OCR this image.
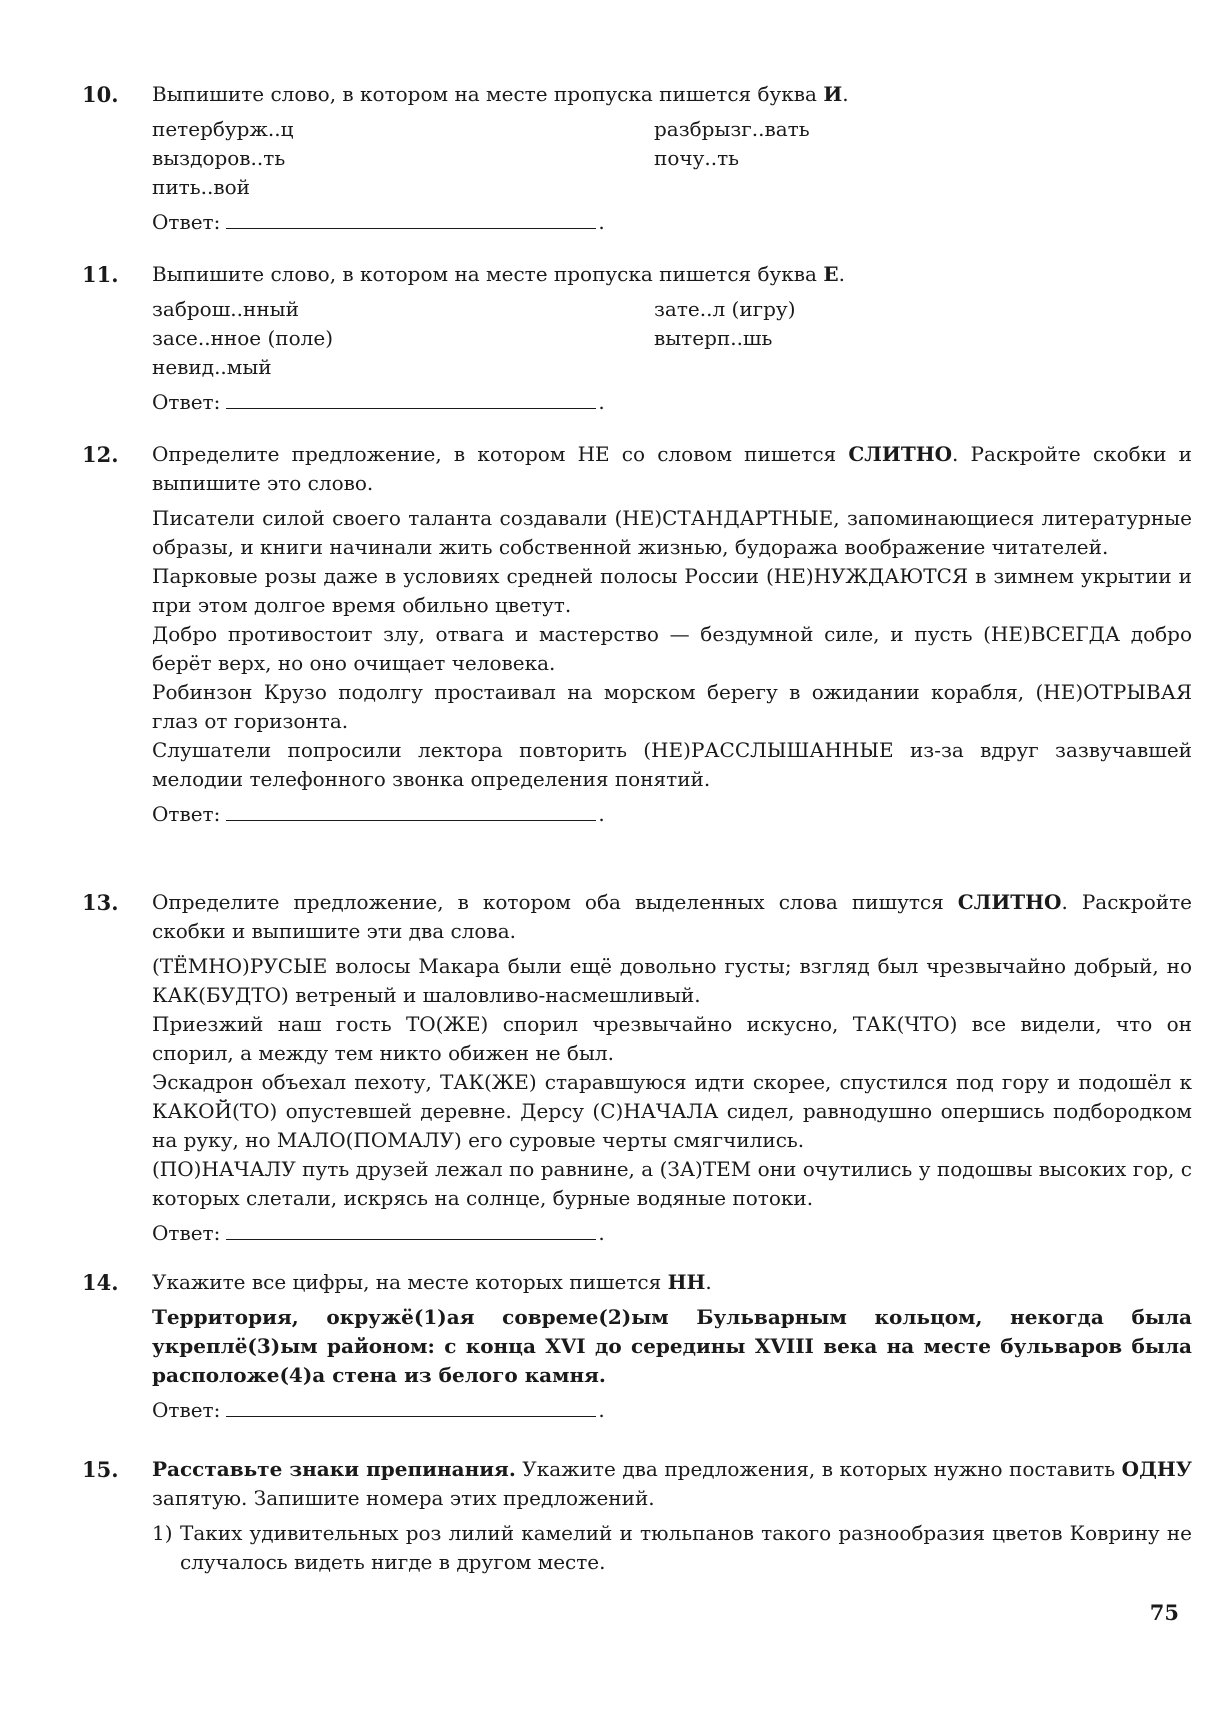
10. Выпишите слово, в котором на месте пропуска пишется буква И.

петербурж..ц	разбрызг..вать
выздоров..ть	почу..ть
пить..вой
Ответ:	.
11. Выпишите слово, в котором на месте пропуска пишется буква Е.

заброш..нный	зате..л (игру)
засе..нное (поле)	вытерп..шь
невид..мый
Ответ:	.
12. Определите предложение, в котором НЕ со словом пишется СЛИТНО. Раскройте скобки и выпишите это слово.

Писатели силой своего таланта создавали (НЕ)СТАНДАРТНЫЕ, запоминающиеся литературные образы, и книги начинали жить собственной жизнью, будоража воображение читателей.

Парковые розы даже в условиях средней полосы России (НЕ)НУЖДАЮТСЯ в зимнем укрытии и при этом долгое время обильно цветут.

Добро противостоит злу, отвага и мастерство — бездумной силе, и пусть (НЕ)ВСЕГДА добро берёт верх, но оно очищает человека.

Робинзон Крузо подолгу простаивал на морском берегу в ожидании корабля, (НЕ)ОТРЫВАЯ глаз от горизонта.

Слушатели попросили лектора повторить (НЕ)РАССЛЫШАННЫЕ из-за вдруг зазвучавшей мелодии телефонного звонка определения понятий.

Ответ:	.
13. Определите предложение, в котором оба выделенных слова пишутся СЛИТНО. Раскройте скобки и выпишите эти два слова.

(ТЁМНО)РУСЫЕ волосы Макара были ещё довольно густы; взгляд был чрезвычайно добрый, но КАК(БУДТО) ветреный и шаловливо-насмешливый.

Приезжий наш гость ТО(ЖЕ) спорил чрезвычайно искусно, ТАК(ЧТО) все видели, что он спорил, а между тем никто обижен не был.

Эскадрон объехал пехоту, ТАК(ЖЕ) старавшуюся идти скорее, спустился под гору и подошёл к КАКОЙ(ТО) опустевшей деревне. Дерсу (С)НАЧАЛА сидел, равнодушно опершись подбородком на руку, но МАЛО(ПОМАЛУ) его суровые черты смягчились.

(ПО)НАЧАЛУ путь друзей лежал по равнине, а (ЗА)ТЕМ они очутились у подошвы высоких гор, с которых слетали, искрясь на солнце, бурные водяные потоки.

Ответ:	.
14. Укажите все цифры, на месте которых пишется НН.

Территория, окружё(1)ая совреме(2)ым Бульварным кольцом, некогда была укреплё(3)ым районом: с конца XVI до середины XVIII века на месте бульваров была расположе(4)а стена из белого камня.
Ответ:	.
15. Расставьте знаки препинания. Укажите два предложения, в которых нужно поставить ОДНУ запятую. Запишите номера этих предложений.

1) Таких удивительных роз лилий камелий и тюльпанов такого разнообразия цветов Коврину не случалось видеть нигде в другом месте.
75
